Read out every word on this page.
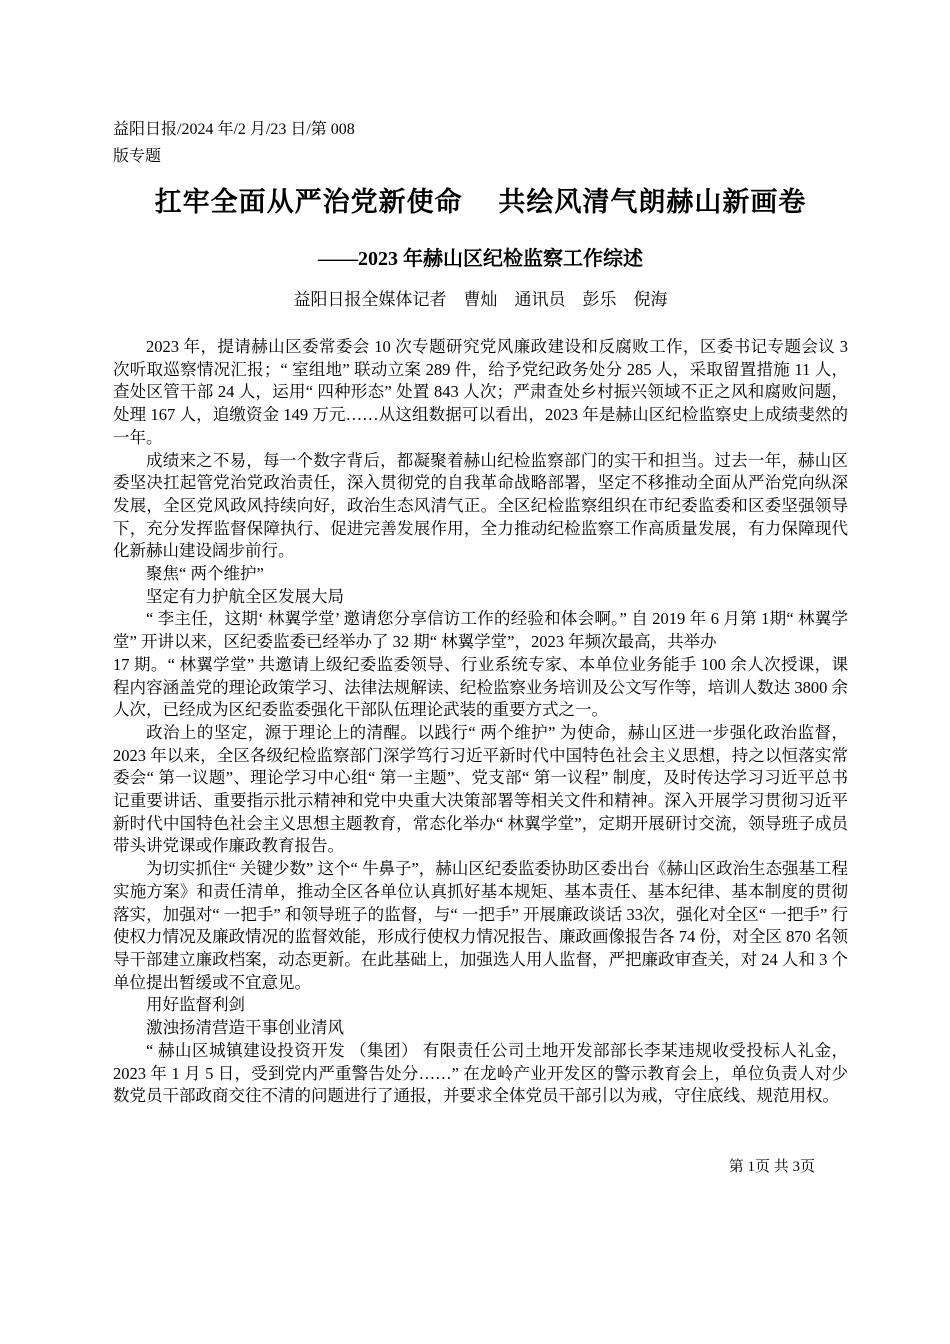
益阳日报/2024 年/2 月/23 日/第 008
版专题
扛牢全面从严治党新使命　 共绘风清气朗赫山新画卷
——2023 年赫山区纪检监察工作综述
益阳日报全媒体记者　曹灿　通讯员　彭乐　倪海

2023 年，提请赫山区委常委会 10 次专题研究党风廉政建设和反腐败工作，区委书记专题会议 3 次听取巡察情况汇报；“ 室组地” 联动立案 289 件，给予党纪政务处分 285 人，采取留置措施 11 人，查处区管干部 24 人，运用“ 四种形态” 处置 843 人次；严肃查处乡村振兴领域不正之风和腐败问题，处理 167 人，追缴资金 149 万元……从这组数据可以看出，2023 年是赫山区纪检监察史上成绩斐然的一年。

成绩来之不易，每一个数字背后，都凝聚着赫山纪检监察部门的实干和担当。过去一年，赫山区委坚决扛起管党治党政治责任，深入贯彻党的自我革命战略部署，坚定不移推动全面从严治党向纵深发展，全区党风政风持续向好，政治生态风清气正。全区纪检监察组织在市纪委监委和区委坚强领导下，充分发挥监督保障执行、促进完善发展作用，全力推动纪检监察工作高质量发展，有力保障现代化新赫山建设阔步前行。

聚焦“ 两个维护”

坚定有力护航全区发展大局

“ 李主任，这期‘ 林翼学堂’ 邀请您分享信访工作的经验和体会啊。” 自 2019 年 6 月第 1期“ 林翼学堂” 开讲以来，区纪委监委已经举办了 32 期“ 林翼学堂”，2023 年频次最高，共举办

17 期。“ 林翼学堂” 共邀请上级纪委监委领导、行业系统专家、本单位业务能手 100 余人次授课，课程内容涵盖党的理论政策学习、法律法规解读、纪检监察业务培训及公文写作等，培训人数达 3800 余人次，已经成为区纪委监委强化干部队伍理论武装的重要方式之一。

政治上的坚定，源于理论上的清醒。以践行“ 两个维护” 为使命，赫山区进一步强化政治监督，2023 年以来，全区各级纪检监察部门深学笃行习近平新时代中国特色社会主义思想，持之以恒落实常委会“ 第一议题”、理论学习中心组“ 第一主题”、党支部“ 第一议程” 制度，及时传达学习习近平总书记重要讲话、重要指示批示精神和党中央重大决策部署等相关文件和精神。深入开展学习贯彻习近平新时代中国特色社会主义思想主题教育，常态化举办“ 林翼学堂”，定期开展研讨交流，领导班子成员带头讲党课或作廉政教育报告。

为切实抓住“ 关键少数” 这个“ 牛鼻子”，赫山区纪委监委协助区委出台《赫山区政治生态强基工程实施方案》和责任清单，推动全区各单位认真抓好基本规矩、基本责任、基本纪律、基本制度的贯彻落实，加强对“ 一把手” 和领导班子的监督，与“ 一把手” 开展廉政谈话 33次，强化对全区“ 一把手” 行使权力情况及廉政情况的监督效能，形成行使权力情况报告、廉政画像报告各 74 份，对全区 870 名领导干部建立廉政档案，动态更新。在此基础上，加强选人用人监督，严把廉政审查关，对 24 人和 3 个单位提出暂缓或不宜意见。

用好监督利剑

激浊扬清营造干事创业清风

“ 赫山区城镇建设投资开发 （集团） 有限责任公司土地开发部部长李某违规收受投标人礼金，2023 年 1 月 5 日，受到党内严重警告处分……” 在龙岭产业开发区的警示教育会上，单位负责人对少数党员干部政商交往不清的问题进行了通报，并要求全体党员干部引以为戒，守住底线、规范用权。

第 1页 共 3页
